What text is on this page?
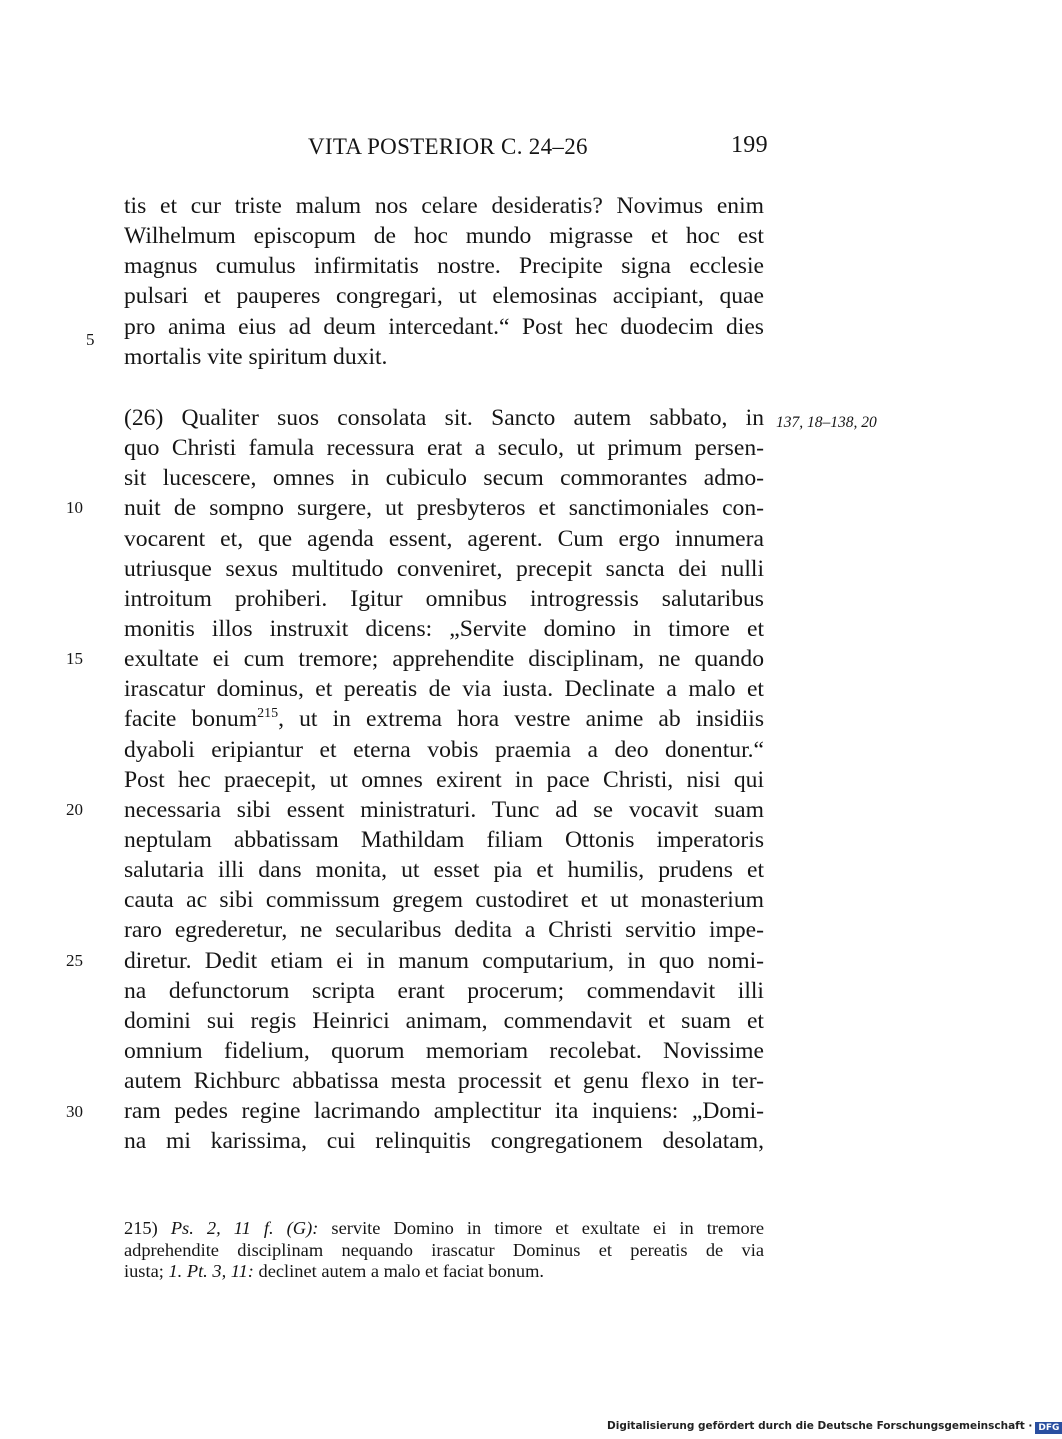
VITA POSTERIOR C. 24–26	199
tis et cur triste malum nos celare desideratis? Novimus enim
Wilhelmum episcopum de hoc mundo migrasse et hoc est
magnus cumulus infirmitatis nostre. Precipite signa ecclesie
pulsari et pauperes congregari, ut elemosinas accipiant, quae
pro anima eius ad deum intercedant.“ Post hec duodecim dies
mortalis vite spiritum duxit.
(26) Qualiter suos consolata sit. Sancto autem sabbato, in
quo Christi famula recessura erat a seculo, ut primum persen-
sit lucescere, omnes in cubiculo secum commorantes admo-
nuit de sompno surgere, ut presbyteros et sanctimoniales con-
vocarent et, que agenda essent, agerent. Cum ergo innumera
utriusque sexus multitudo conveniret, precepit sancta dei nulli
introitum prohiberi. Igitur omnibus introgressis salutaribus
monitis illos instruxit dicens: „Servite domino in timore et
exultate ei cum tremore; apprehendite disciplinam, ne quando
irascatur dominus, et pereatis de via iusta. Declinate a malo et
facite bonum$^{215}$, ut in extrema hora vestre anime ab insidiis
dyaboli eripiantur et eterna vobis praemia a deo donentur.“
Post hec praecepit, ut omnes exirent in pace Christi, nisi qui
necessaria sibi essent ministraturi. Tunc ad se vocavit suam
neptulam abbatissam Mathildam filiam Ottonis imperatoris
salutaria illi dans monita, ut esset pia et humilis, prudens et
cauta ac sibi commissum gregem custodiret et ut monasterium
raro egrederetur, ne secularibus dedita a Christi servitio impe-
diretur. Dedit etiam ei in manum computarium, in quo nomi-
na defunctorum scripta erant procerum; commendavit illi
domini sui regis Heinrici animam, commendavit et suam et
omnium fidelium, quorum memoriam recolebat. Novissime
autem Richburc abbatissa mesta processit et genu flexo in ter-
ram pedes regine lacrimando amplectitur ita inquiens: „Domi-
na mi karissima, cui relinquitis congregationem desolatam,
5
10
15
20
25
30
137, 18–138, 20
215) Ps. 2, 11 f. (G): servite Domino in timore et exultate ei in tremore
adprehendite disciplinam nequando irascatur Dominus et pereatis de via
iusta; 1. Pt. 3, 11: declinet autem a malo et faciat bonum.
Digitalisierung gefördert durch die Deutsche Forschungsgemeinschaft · DFG
